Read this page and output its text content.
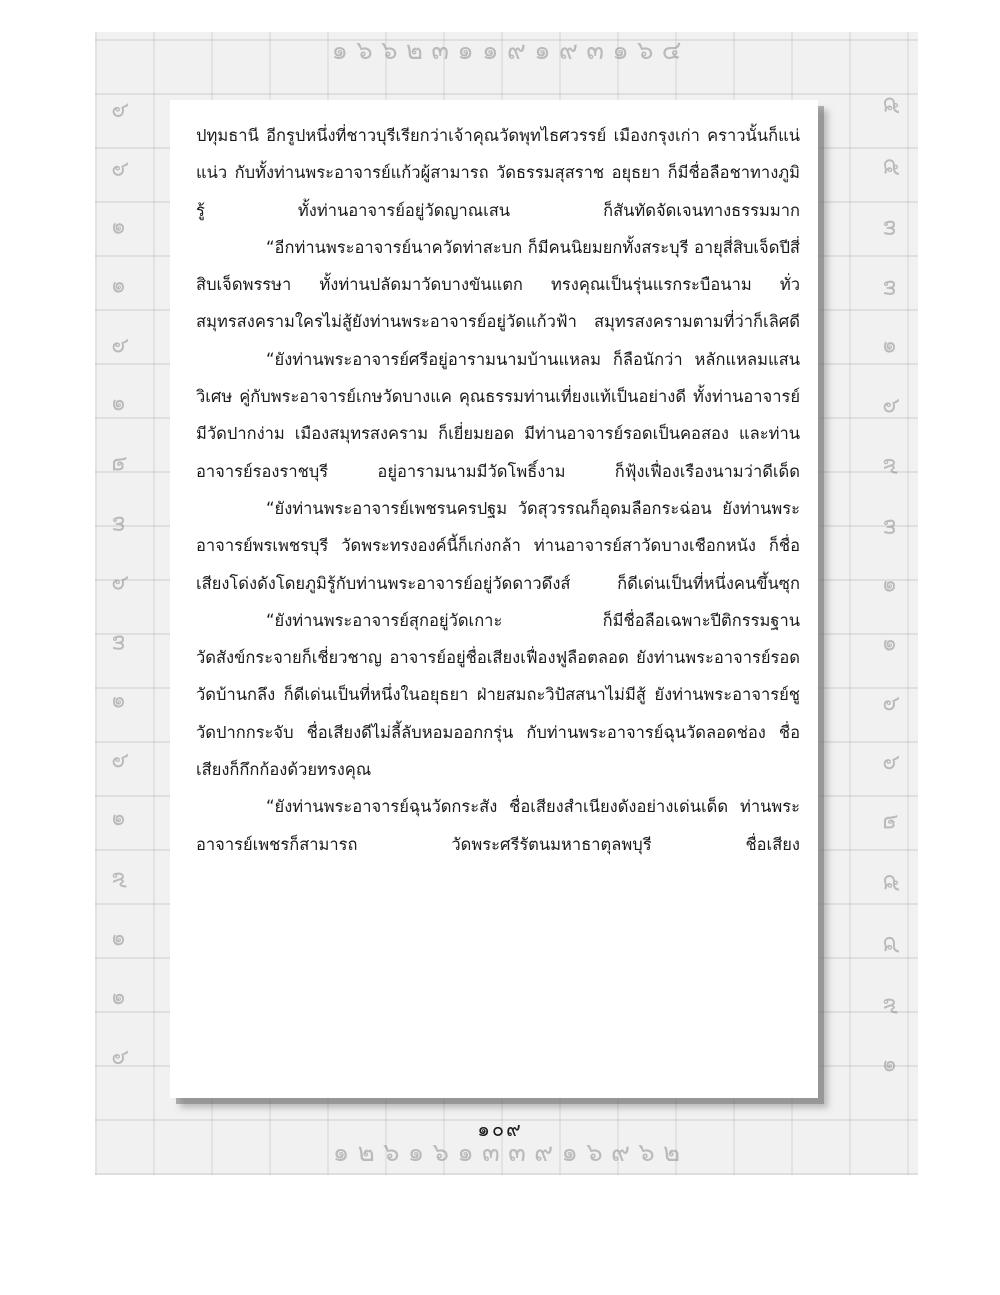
๑ ๖ ๖ ๒ ๓ ๑ ๑ ๙ ๑ ๙ ๓ ๑ ๖ ๔
๖ ๖ ๑ ๑ ๖ ๑ ๒ ๓ ๖ ๓ ๑ ๖ ๑ ๙ ๑ ๑ ๖	๕ ๕ ๓ ๓ ๑ ๖ ๙ ๓ ๑ ๑ ๖ ๖ ๒ ๕ ๔ ๙ ๑
๑ ๒ ๖ ๑ ๖ ๑ ๓ ๓ ๙ ๑ ๖ ๙ ๖ ๒

ปทุมธานี อีกรูปหนึ่งที่ชาวบุรีเรียกว่าเจ้าคุณวัดพุทไธศวรรย์ เมืองกรุงเก่า คราวนั้นก็แน่แน่ว กับทั้งท่านพระอาจารย์แก้วผู้สามารถ วัดธรรมสุสราช อยุธยา ก็มีชื่อลือชาทางภูมิรู้ ทั้งท่านอาจารย์อยู่วัดญาณเสน ก็สันทัดจัดเจนทางธรรมมาก

“อีกท่านพระอาจารย์นาควัดท่าสะบก ก็มีคนนิยมยกทั้งสระบุรี อายุสี่สิบเจ็ดปีสี่สิบเจ็ดพรรษา ทั้งท่านปลัดมาวัดบางขันแตก ทรงคุณเป็นรุ่นแรกระบือนาม ทั่วสมุทรสงครามใครไม่สู้ยังท่านพระอาจารย์อยู่วัดแก้วฟ้า สมุทรสงครามตามที่ว่าก็เลิศดี

“ยังท่านพระอาจารย์ศรีอยู่อารามนามบ้านแหลม ก็ลือนักว่า หลักแหลมแสนวิเศษ คู่กับพระอาจารย์เกษวัดบางแค คุณธรรมท่านเที่ยงแท้เป็นอย่างดี ทั้งท่านอาจารย์มีวัดปากง่าม เมืองสมุทรสงคราม ก็เยี่ยมยอด มีท่านอาจารย์รอดเป็นคอสอง และท่านอาจารย์รองราชบุรี อยู่อารามนามมีวัดโพธิ์งาม ก็ฟุ้งเฟื่องเรืองนามว่าดีเด็ด

“ยังท่านพระอาจารย์เพชรนครปฐม วัดสุวรรณก็อุดมลือกระฉ่อน ยังท่านพระอาจารย์พรเพชรบุรี วัดพระทรงองค์นี้ก็เก่งกล้า ท่านอาจารย์สาวัดบางเชือกหนัง ก็ชื่อเสียงโด่งดังโดยภูมิรู้กับท่านพระอาจารย์อยู่วัดดาวดึงส์ ก็ดีเด่นเป็นที่หนึ่งคนขึ้นซุก

“ยังท่านพระอาจารย์สุกอยู่วัดเกาะ ก็มีชื่อลือเฉพาะปีติกรรมฐาน วัดสังข์กระจายก็เชี่ยวชาญ อาจารย์อยู่ชื่อเสียงเฟื่องฟูลือตลอด ยังท่านพระอาจารย์รอดวัดบ้านกลึง ก็ดีเด่นเป็นที่หนึ่งในอยุธยา ฝ่ายสมถะวิปัสสนาไม่มีสู้ ยังท่านพระอาจารย์ชูวัดปากกระจับ ชื่อเสียงดีไม่ลี้ลับหอมออกกรุ่น กับท่านพระอาจารย์ฉุนวัดลอดช่อง ชื่อเสียงก็กึกก้องด้วยทรงคุณ

“ยังท่านพระอาจารย์ฉุนวัดกระสัง ชื่อเสียงสำเนียงดังอย่างเด่นเด็ด ท่านพระอาจารย์เพชรก็สามารถ วัดพระศรีรัตนมหาธาตุลพบุรี ชื่อเสียง

๑๐๙
